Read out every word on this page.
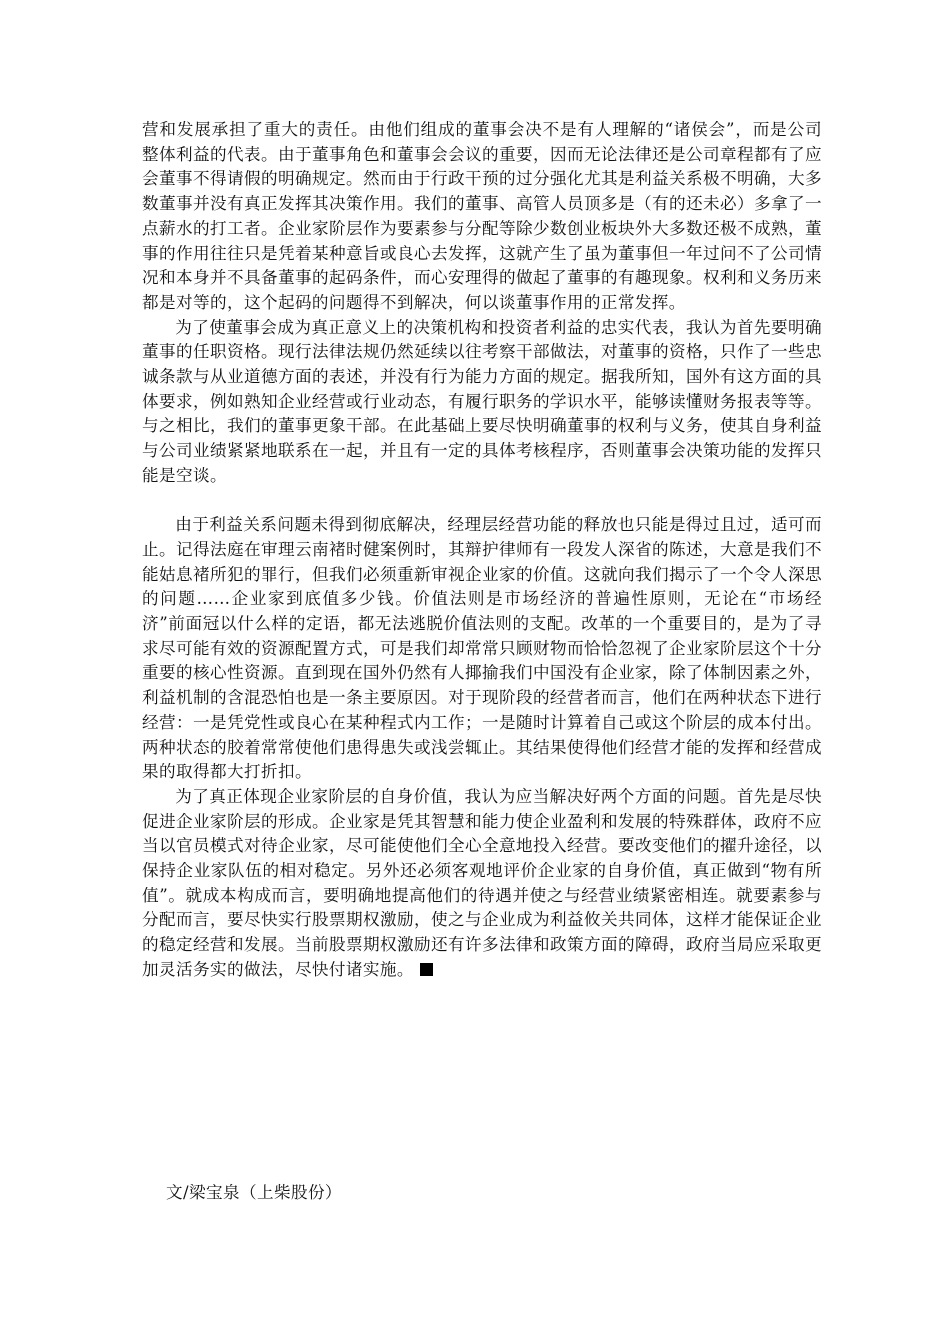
营和发展承担了重大的责任。由他们组成的董事会决不是有人理解的“诸侯会”，而是公司整体利益的代表。由于董事角色和董事会会议的重要，因而无论法律还是公司章程都有了应会董事不得请假的明确规定。然而由于行政干预的过分强化尤其是利益关系极不明确，大多数董事并没有真正发挥其决策作用。我们的董事、高管人员顶多是（有的还未必）多拿了一点薪水的打工者。企业家阶层作为要素参与分配等除少数创业板块外大多数还极不成熟，董事的作用往往只是凭着某种意旨或良心去发挥，这就产生了虽为董事但一年过问不了公司情况和本身并不具备董事的起码条件，而心安理得的做起了董事的有趣现象。权利和义务历来都是对等的，这个起码的问题得不到解决，何以谈董事作用的正常发挥。

为了使董事会成为真正意义上的决策机构和投资者利益的忠实代表，我认为首先要明确董事的任职资格。现行法律法规仍然延续以往考察干部做法，对董事的资格，只作了一些忠诚条款与从业道德方面的表述，并没有行为能力方面的规定。据我所知，国外有这方面的具体要求，例如熟知企业经营或行业动态，有履行职务的学识水平，能够读懂财务报表等等。与之相比，我们的董事更象干部。在此基础上要尽快明确董事的权利与义务，使其自身利益与公司业绩紧紧地联系在一起，并且有一定的具体考核程序，否则董事会决策功能的发挥只能是空谈。

由于利益关系问题未得到彻底解决，经理层经营功能的释放也只能是得过且过，适可而止。记得法庭在审理云南褚时健案例时，其辩护律师有一段发人深省的陈述，大意是我们不能姑息褚所犯的罪行，但我们必须重新审视企业家的价值。这就向我们揭示了一个令人深思的问题……企业家到底值多少钱。价值法则是市场经济的普遍性原则，无论在“市场经济”前面冠以什么样的定语，都无法逃脱价值法则的支配。改革的一个重要目的，是为了寻求尽可能有效的资源配置方式，可是我们却常常只顾财物而恰恰忽视了企业家阶层这个十分重要的核心性资源。直到现在国外仍然有人揶揄我们中国没有企业家，除了体制因素之外，利益机制的含混恐怕也是一条主要原因。对于现阶段的经营者而言，他们在两种状态下进行经营：一是凭党性或良心在某种程式内工作；一是随时计算着自己或这个阶层的成本付出。两种状态的胶着常常使他们患得患失或浅尝辄止。其结果使得他们经营才能的发挥和经营成果的取得都大打折扣。

为了真正体现企业家阶层的自身价值，我认为应当解决好两个方面的问题。首先是尽快促进企业家阶层的形成。企业家是凭其智慧和能力使企业盈利和发展的特殊群体，政府不应当以官员模式对待企业家，尽可能使他们全心全意地投入经营。要改变他们的擢升途径，以保持企业家队伍的相对稳定。另外还必须客观地评价企业家的自身价值，真正做到“物有所值”。就成本构成而言，要明确地提高他们的待遇并使之与经营业绩紧密相连。就要素参与分配而言，要尽快实行股票期权激励，使之与企业成为利益攸关共同体，这样才能保证企业的稳定经营和发展。当前股票期权激励还有许多法律和政策方面的障碍，政府当局应采取更加灵活务实的做法，尽快付诸实施。

文/梁宝泉（上柴股份）
